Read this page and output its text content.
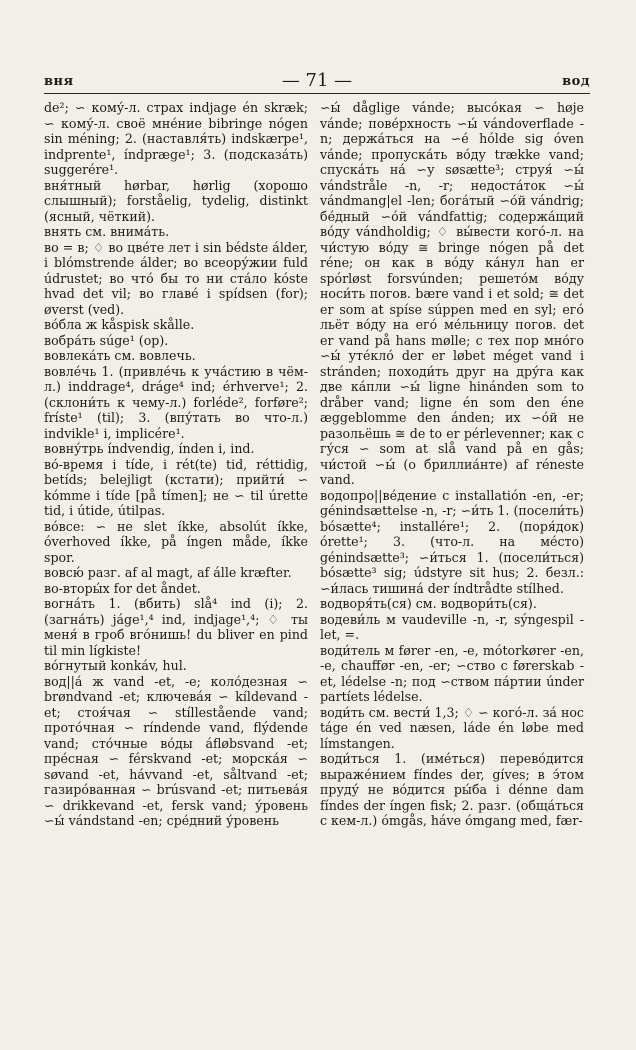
вня	— 71 —	вод

de²; ∽ кому́-л. страх indjage én skræk; ∽ кому́-л. своё мне́ние bibringe nógen sin méning; 2. (наставля́ть) indskærpe¹, indprente¹, índpræge¹; 3. (подсказа́ть) suggerére¹.

вня́тный hørbar, hørlig (хорошо слышный); forståelig, tydelig, distinkt (ясный, чёткий).

внять см. внима́ть.

во = в; ♢ во цве́те лет i sin bédste álder, i blómstrende álder; во всеору́жии fuld údrustet; во что́ бы то ни ста́ло kóste hvad det vil; во главе́ i spídsen (for); øverst (ved).

во́бла ж kåspisk skålle.

вобра́ть súge¹ (op).

вовлека́ть см. вовлечь.

вовле́чь 1. (привле́чь к уча́стию в чём-л.) inddrage⁴, dráge⁴ ind; érhverve¹; 2. (склони́ть к чему-л.) forléde², forføre²; fríste¹ (til); 3. (впу́тать во что-л.) indvikle¹ i, implicére¹.

вовну́трь índvendig, índen i, ind.

во́-время i tíde, i rét(te) tid, réttidig, betíds; belejligt (кстати); прийти́ ∽ kómme i tíde [på tímen]; не ∽ til úrette tid, i útide, útilpas.

во́все: ∽ не slet íkke, absolút íkke, óverhoved íkke, på íngen måde, íkke spor.

вовсю́ разг. af al magt, af álle kræfter.

во-вторы́х for det åndet.

вогна́ть 1. (вбить) slå⁴ ind (i); 2. (загна́ть) jáge¹,⁴ ind, indjage¹,⁴; ♢ ты меня́ в гроб вго́нишь! du bliver en pind til min lígkiste!

во́гнутый konkáv, hul.

вод||а́ ж vand -et, -e; коло́дезная ∽ brøndvand -et; ключева́я ∽ kíldevand -et; стоя́чая ∽ stíllestående vand; прото́чная ∽ ríndende vand, flýdende vand; сто́чные во́ды áfløbsvand -et; пре́сная ∽ férskvand -et; морска́я ∽ søvand -et, hávvand -et, såltvand -et; газиро́ванная ∽ brúsvand -et; питьева́я ∽ drikkevand -et, fersk vand; у́ровень ∽ы́ vándstand -en; сре́дний у́ровень

∽ы́ dåglige vánde; высо́кая ∽ høje vánde; пове́рхность ∽ы́ vándoverflade -n; держа́ться на ∽е́ hólde sig óven vánde; пропуска́ть во́ду trække vand; спуска́ть на́ ∽у søsætte³; струя́ ∽ы́ vándstråle -n, -r; недоста́ток ∽ы́ vándmang|el -len; бога́тый ∽о́й vándrig; бе́дный ∽о́й vándfattig; содержа́щий во́ду vándholdig; ♢ вы́вести кого́-л. на чи́стую во́ду ≅ bringe nógen på det réne; он как в во́ду ка́нул han er spórløst forsvúnden; решето́м во́ду носи́ть погов. bære vand i et sold; ≅ det er som at spíse súppen med en syl; его́ льёт во́ду на его́ ме́льницу погов. det er vand på hans mølle; с тех пор мно́го ∽ы́ уте́кло́ der er løbet méget vand i stránden; походи́ть друг на дру́га как две ка́пли ∽ы́ ligne hinánden som to dråber vand; ligne én som den éne æggeblomme den ánden; их ∽о́й не разольёшь ≅ de to er pérlevenner; как с гу́ся ∽ som at slå vand på en gås; чи́стой ∽ы́ (о бриллиа́нте) af réneste vand.

водопро||ве́дение с installatión -en, -er; génindsættelse -n, -r; ∽и́ть 1. (посели́ть) bósætte⁴; installére¹; 2. (поря́док) órette¹; 3. (что-л. на ме́сто) génindsætte³; ∽и́ться 1. (посели́ться) bósætte³ sig; údstyre sit hus; 2. безл.: ∽и́лась тишина́ der índtrådte stílhed.

водворя́ть(ся) см. водвори́ть(ся).

водеви́ль м vaudeville -n, -r, sýngespil -let, =.

води́тель м fører -en, -e, mótorkører -en, -e, chauffør -en, -er; ∽ство с førerskab -et, lédelse -n; под ∽ством па́ртии únder partíets lédelse.

води́ть см. вести́ 1,3; ♢ ∽ кого́-л. за́ нос táge én ved næsen, láde én løbe med límstangen.

води́ться 1. (име́ться) перево́дится выраже́нием fíndes der, gíves; в э́том пруду́ не во́дится ры́ба i dénne dam fíndes der íngen fisk; 2. разг. (обща́ться с кем-л.) ómgås, háve ómgang med, fær-
